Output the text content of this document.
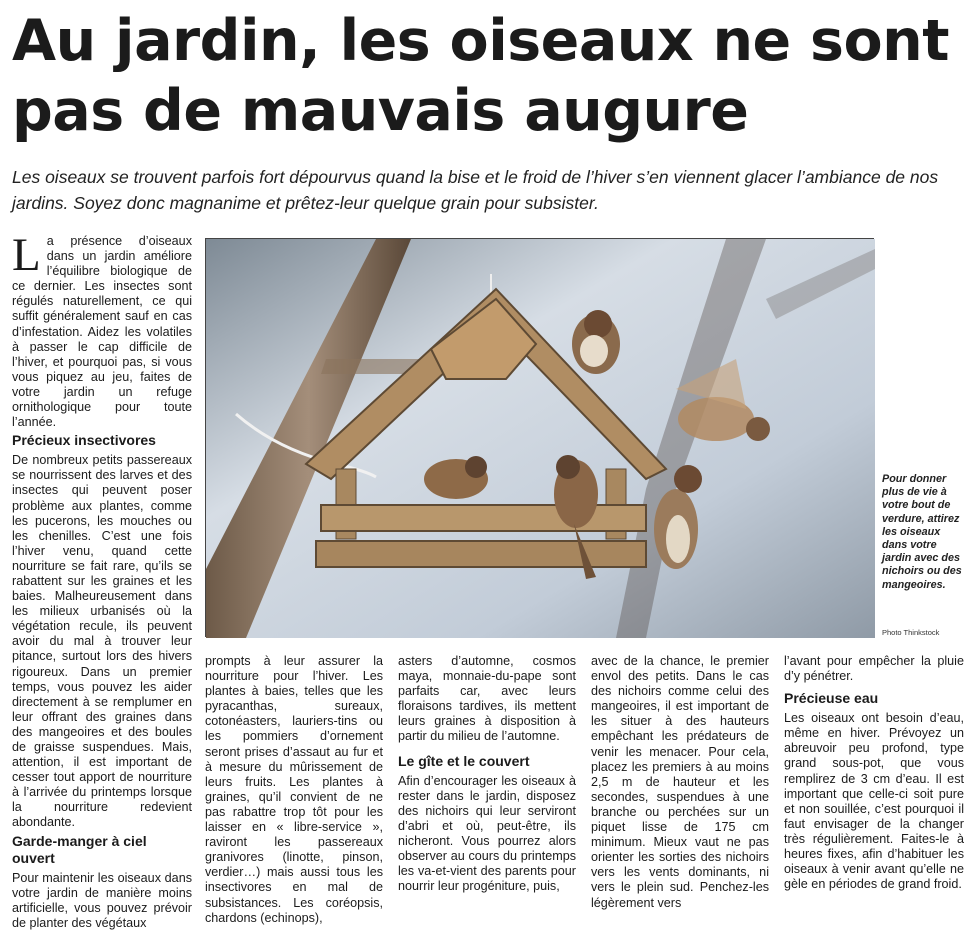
Au jardin, les oiseaux ne sont pas de mauvais augure

Les oiseaux se trouvent parfois fort dépourvus quand la bise et le froid de l’hiver s’en viennent glacer l’ambiance de nos jardins. Soyez donc magnanime et prêtez-leur quelque grain pour subsister.

La présence d’oiseaux dans un jardin améliore l’équilibre biologique de ce dernier. Les insectes sont régulés naturellement, ce qui suffit généralement sauf en cas d’infestation. Aidez les volatiles à passer le cap difficile de l’hiver, et pourquoi pas, si vous vous piquez au jeu, faites de votre jardin un refuge ornithologique pour toute l’année.

Précieux insectivores

De nombreux petits passereaux se nourrissent des larves et des insectes qui peuvent poser problème aux plantes, comme les pucerons, les mouches ou les chenilles. C’est une fois l’hiver venu, quand cette nourriture se fait rare, qu’ils se rabattent sur les graines et les baies. Malheureusement dans les milieux urbanisés où la végétation recule, ils peuvent avoir du mal à trouver leur pitance, surtout lors des hivers rigoureux. Dans un premier temps, vous pouvez les aider directement à se remplumer en leur offrant des graines dans des mangeoires et des boules de graisse suspendues. Mais, attention, il est important de cesser tout apport de nourriture à l’arrivée du printemps lorsque la nourriture redevient abondante.

Garde-manger à ciel ouvert

Pour maintenir les oiseaux dans votre jardin de manière moins artificielle, vous pouvez prévoir de planter des végétaux

Pour donner plus de vie à votre bout de verdure, attirez les oiseaux dans votre jardin avec des nichoirs ou des mangeoires.

Photo Thinkstock

prompts à leur assurer la nourriture pour l’hiver. Les plantes à baies, telles que les pyracanthas, sureaux, cotonéasters, lauriers-tins ou les pommiers d’ornement seront prises d’assaut au fur et à mesure du mûrissement de leurs fruits. Les plantes à graines, qu’il convient de ne pas rabattre trop tôt pour les laisser en « libre-service », raviront les passereaux granivores (linotte, pinson, verdier…) mais aussi tous les insectivores en mal de subsistances. Les coréopsis, chardons (echinops),

asters d’automne, cosmos maya, monnaie-du-pape sont parfaits car, avec leurs floraisons tardives, ils mettent leurs graines à disposition à partir du milieu de l’automne.

Le gîte et le couvert

Afin d’encourager les oiseaux à rester dans le jardin, disposez des nichoirs qui leur serviront d’abri et où, peut-être, ils nicheront. Vous pourrez alors observer au cours du printemps les va-et-vient des parents pour nourrir leur progéniture, puis,

avec de la chance, le premier envol des petits. Dans le cas des nichoirs comme celui des mangeoires, il est important de les situer à des hauteurs empêchant les prédateurs de venir les menacer. Pour cela, placez les premiers à au moins 2,5 m de hauteur et les secondes, suspendues à une branche ou perchées sur un piquet lisse de 175 cm minimum. Mieux vaut ne pas orienter les sorties des nichoirs vers les vents dominants, ni vers le plein sud. Penchez-les légèrement vers

l’avant pour empêcher la pluie d’y pénétrer.

Précieuse eau

Les oiseaux ont besoin d’eau, même en hiver. Prévoyez un abreuvoir peu profond, type grand sous-pot, que vous remplirez de 3 cm d’eau. Il est important que celle-ci soit pure et non souillée, c’est pourquoi il faut envisager de la changer très régulièrement. Faites-le à heures fixes, afin d’habituer les oiseaux à venir avant qu’elle ne gèle en périodes de grand froid.
